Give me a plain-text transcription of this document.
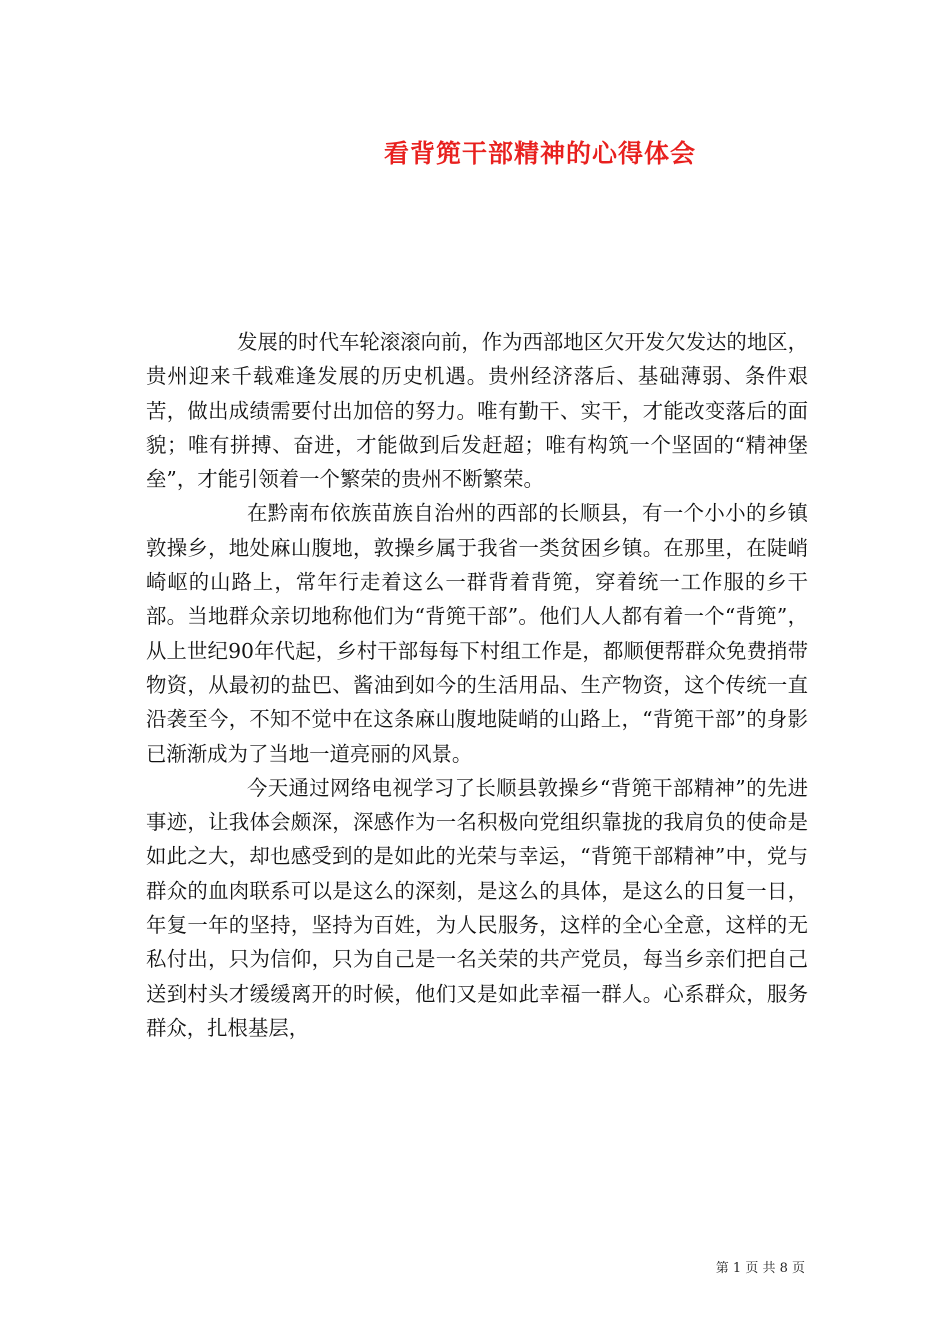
看背篼干部精神的心得体会

发展的时代车轮滚滚向前，作为西部地区欠开发欠发达的地区，贵州迎来千载难逢发展的历史机遇。贵州经济落后、基础薄弱、条件艰苦，做出成绩需要付出加倍的努力。唯有勤干、实干，才能改变落后的面貌；唯有拼搏、奋进，才能做到后发赶超；唯有构筑一个坚固的“精神堡垒”，才能引领着一个繁荣的贵州不断繁荣。

在黔南布依族苗族自治州的西部的长顺县，有一个小小的乡镇敦操乡，地处麻山腹地，敦操乡属于我省一类贫困乡镇。在那里，在陡峭崎岖的山路上，常年行走着这么一群背着背篼，穿着统一工作服的乡干部。当地群众亲切地称他们为“背篼干部”。他们人人都有着一个“背篼”，从上世纪90年代起，乡村干部每每下村组工作是，都顺便帮群众免费捎带物资，从最初的盐巴、酱油到如今的生活用品、生产物资，这个传统一直沿袭至今，不知不觉中在这条麻山腹地陡峭的山路上，“背篼干部”的身影已渐渐成为了当地一道亮丽的风景。

今天通过网络电视学习了长顺县敦操乡“背篼干部精神”的先进事迹，让我体会颇深，深感作为一名积极向党组织靠拢的我肩负的使命是如此之大，却也感受到的是如此的光荣与幸运，“背篼干部精神”中，党与群众的血肉联系可以是这么的深刻，是这么的具体，是这么的日复一日，年复一年的坚持，坚持为百姓，为人民服务，这样的全心全意，这样的无私付出，只为信仰，只为自己是一名关荣的共产党员，每当乡亲们把自己送到村头才缓缓离开的时候，他们又是如此幸福一群人。心系群众，服务群众，扎根基层，

第 1 页 共 8 页
